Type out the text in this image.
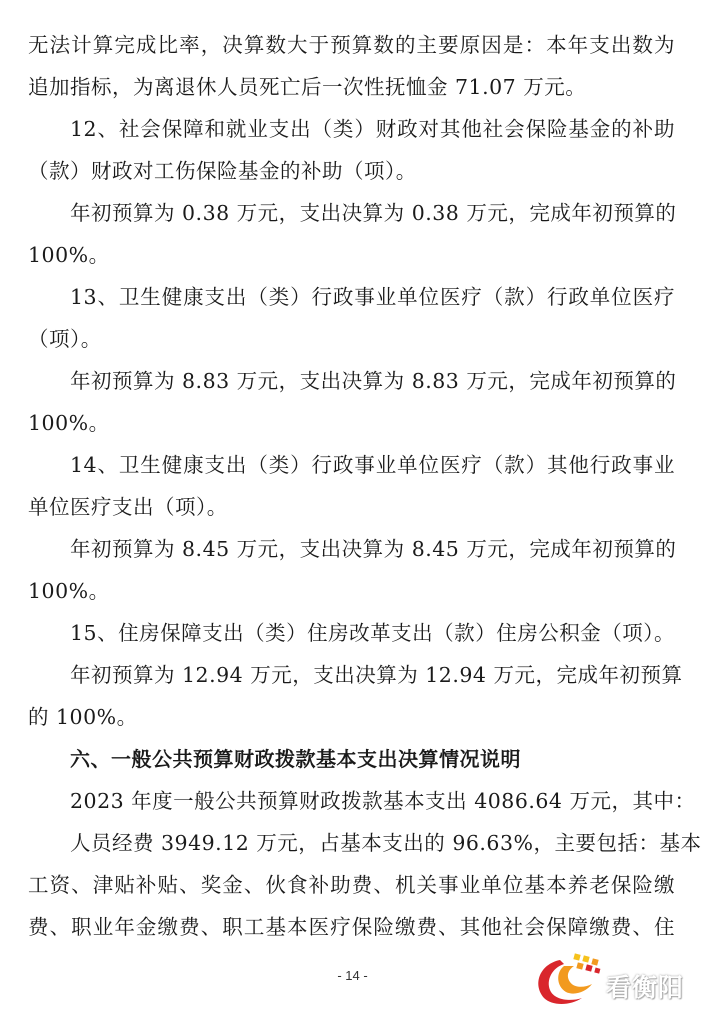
无法计算完成比率，决算数大于预算数的主要原因是：本年支出数为
追加指标，为离退休人员死亡后一次性抚恤金 71.07 万元。
12、社会保障和就业支出（类）财政对其他社会保险基金的补助
（款）财政对工伤保险基金的补助（项）。
年初预算为 0.38 万元，支出决算为 0.38 万元，完成年初预算的
100%。
13、卫生健康支出（类）行政事业单位医疗（款）行政单位医疗
（项）。
年初预算为 8.83 万元，支出决算为 8.83 万元，完成年初预算的
100%。
14、卫生健康支出（类）行政事业单位医疗（款）其他行政事业
单位医疗支出（项）。
年初预算为 8.45 万元，支出决算为 8.45 万元，完成年初预算的
100%。
15、住房保障支出（类）住房改革支出（款）住房公积金（项）。
年初预算为 12.94 万元，支出决算为 12.94 万元，完成年初预算
的 100%。
六、一般公共预算财政拨款基本支出决算情况说明
2023 年度一般公共预算财政拨款基本支出 4086.64 万元，其中：
人员经费 3949.12 万元，占基本支出的 96.63%，主要包括：基本
工资、津贴补贴、奖金、伙食补助费、机关事业单位基本养老保险缴
费、职业年金缴费、职工基本医疗保险缴费、其他社会保障缴费、住
- 14 -	看衡阳
